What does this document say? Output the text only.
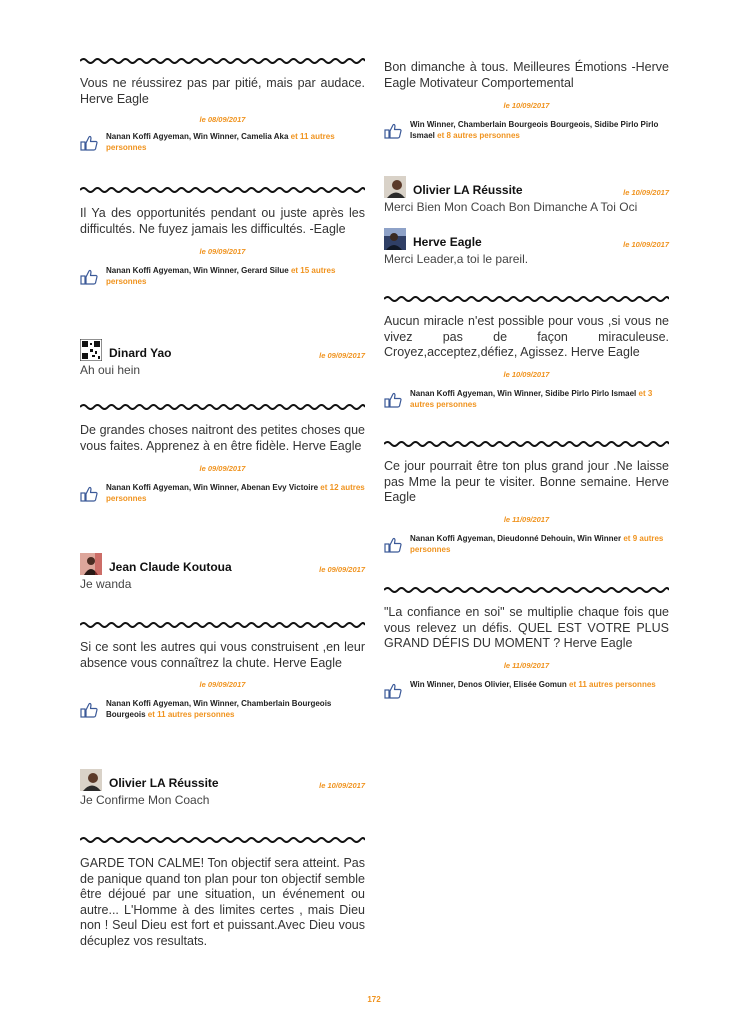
Vous ne réussirez pas par pitié, mais par audace. Herve Eagle

le 08/09/2017
Nanan Koffi Agyeman, Win Winner, Camelia Aka et 11 autres personnes

Il Ya des opportunités pendant ou juste après les difficultés. Ne fuyez jamais les difficultés. -Eagle

le 09/09/2017
Nanan Koffi Agyeman, Win Winner, Gerard Silue et 15 autres personnes
Dinard Yao	le 09/09/2017
Ah oui hein

De grandes choses naitront des petites choses que vous faites. Apprenez à en être fidèle. Herve Eagle

le 09/09/2017
Nanan Koffi Agyeman, Win Winner, Abenan Evy Victoire et 12 autres personnes
Jean Claude Koutoua	le 09/09/2017
Je wanda

Si ce sont les autres qui vous construisent ,en leur absence vous connaîtrez la chute. Herve Eagle

le 09/09/2017
Nanan Koffi Agyeman, Win Winner, Chamberlain Bourgeois Bourgeois et 11 autres personnes
Olivier LA Réussite	le 10/09/2017
Je Confirme Mon Coach

GARDE TON CALME! Ton objectif sera atteint. Pas de panique quand ton plan pour ton objectif semble être déjoué par une situation, un événement ou autre... L'Homme à des limites certes , mais Dieu non ! Seul Dieu est fort et puissant.Avec Dieu vous décuplez vos resultats.

Bon dimanche à tous. Meilleures Émotions -Herve Eagle Motivateur Comportemental

le 10/09/2017
Win Winner, Chamberlain Bourgeois Bourgeois, Sidibe Pirlo Pirlo Ismael et 8 autres personnes
Olivier LA Réussite	le 10/09/2017
Merci Bien Mon Coach Bon Dimanche A Toi Oci
Herve Eagle	le 10/09/2017
Merci Leader,a toi le pareil.

Aucun miracle n'est possible pour vous ,si vous ne vivez pas de façon miraculeuse. Croyez,acceptez,défiez, Agissez. Herve Eagle

le 10/09/2017
Nanan Koffi Agyeman, Win Winner, Sidibe Pirlo Pirlo Ismael et 3 autres personnes

Ce jour pourrait être ton plus grand jour .Ne laisse pas Mme la peur te visiter. Bonne semaine. Herve Eagle

le 11/09/2017
Nanan Koffi Agyeman, Dieudonné Dehouin, Win Winner et 9 autres personnes

"La confiance en soi" se multiplie chaque fois que vous relevez un défis. QUEL EST VOTRE PLUS GRAND DÉFIS DU MOMENT ? Herve Eagle

le 11/09/2017
Win Winner, Denos Olivier, Elisée Gomun et 11 autres personnes
172
